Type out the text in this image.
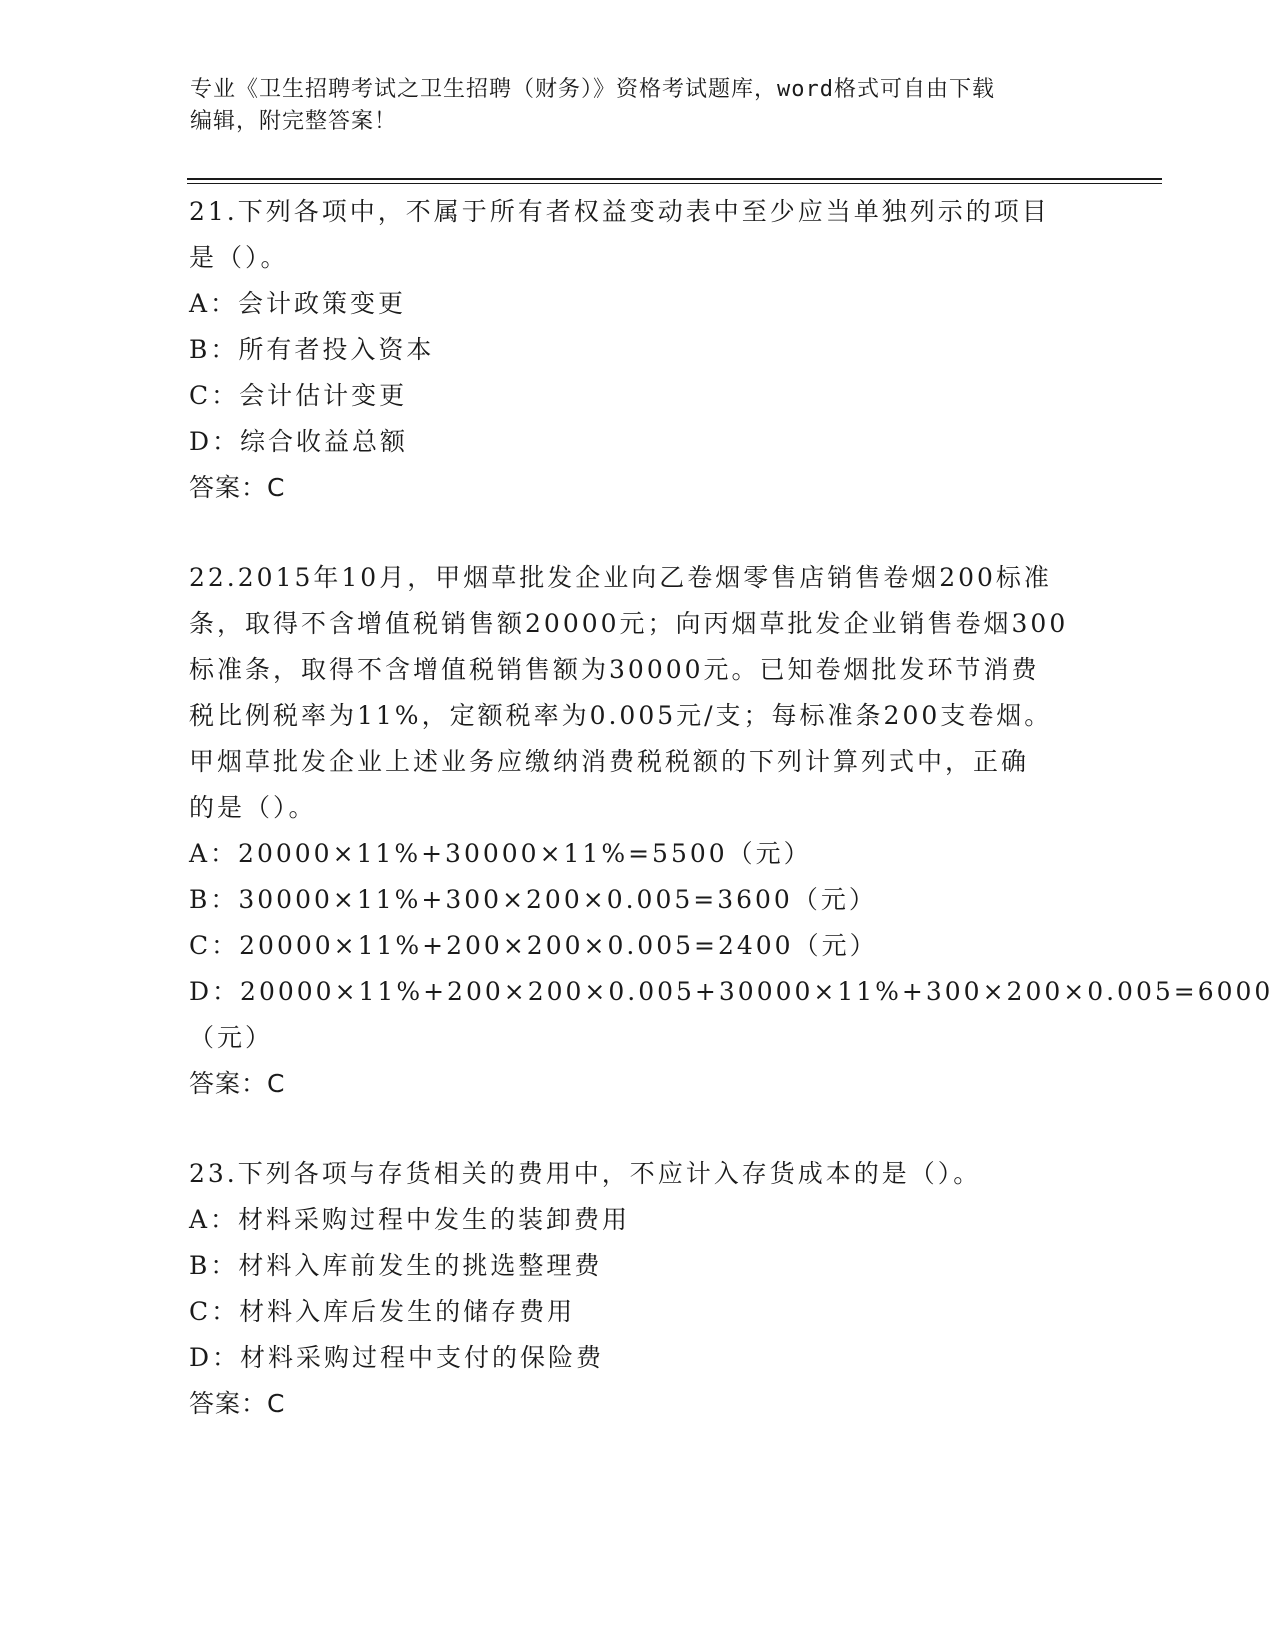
专业《卫生招聘考试之卫生招聘（财务）》资格考试题库，word格式可自由下载
编辑，附完整答案！
21.下列各项中，不属于所有者权益变动表中至少应当单独列示的项目
是（）。
A：会计政策变更
B：所有者投入资本
C：会计估计变更
D：综合收益总额
答案：C
22.2015年10月，甲烟草批发企业向乙卷烟零售店销售卷烟200标准
条，取得不含增值税销售额20000元；向丙烟草批发企业销售卷烟300
标准条，取得不含增值税销售额为30000元。已知卷烟批发环节消费
税比例税率为11%，定额税率为0.005元/支；每标准条200支卷烟。
甲烟草批发企业上述业务应缴纳消费税税额的下列计算列式中，正确
的是（）。
A：20000×11%+30000×11%=5500（元）
B：30000×11%+300×200×0.005=3600（元）
C：20000×11%+200×200×0.005=2400（元）
D：20000×11%+200×200×0.005+30000×11%+300×200×0.005=6000
（元）
答案：C
23.下列各项与存货相关的费用中，不应计入存货成本的是（）。
A：材料采购过程中发生的装卸费用
B：材料入库前发生的挑选整理费
C：材料入库后发生的储存费用
D：材料采购过程中支付的保险费
答案：C
